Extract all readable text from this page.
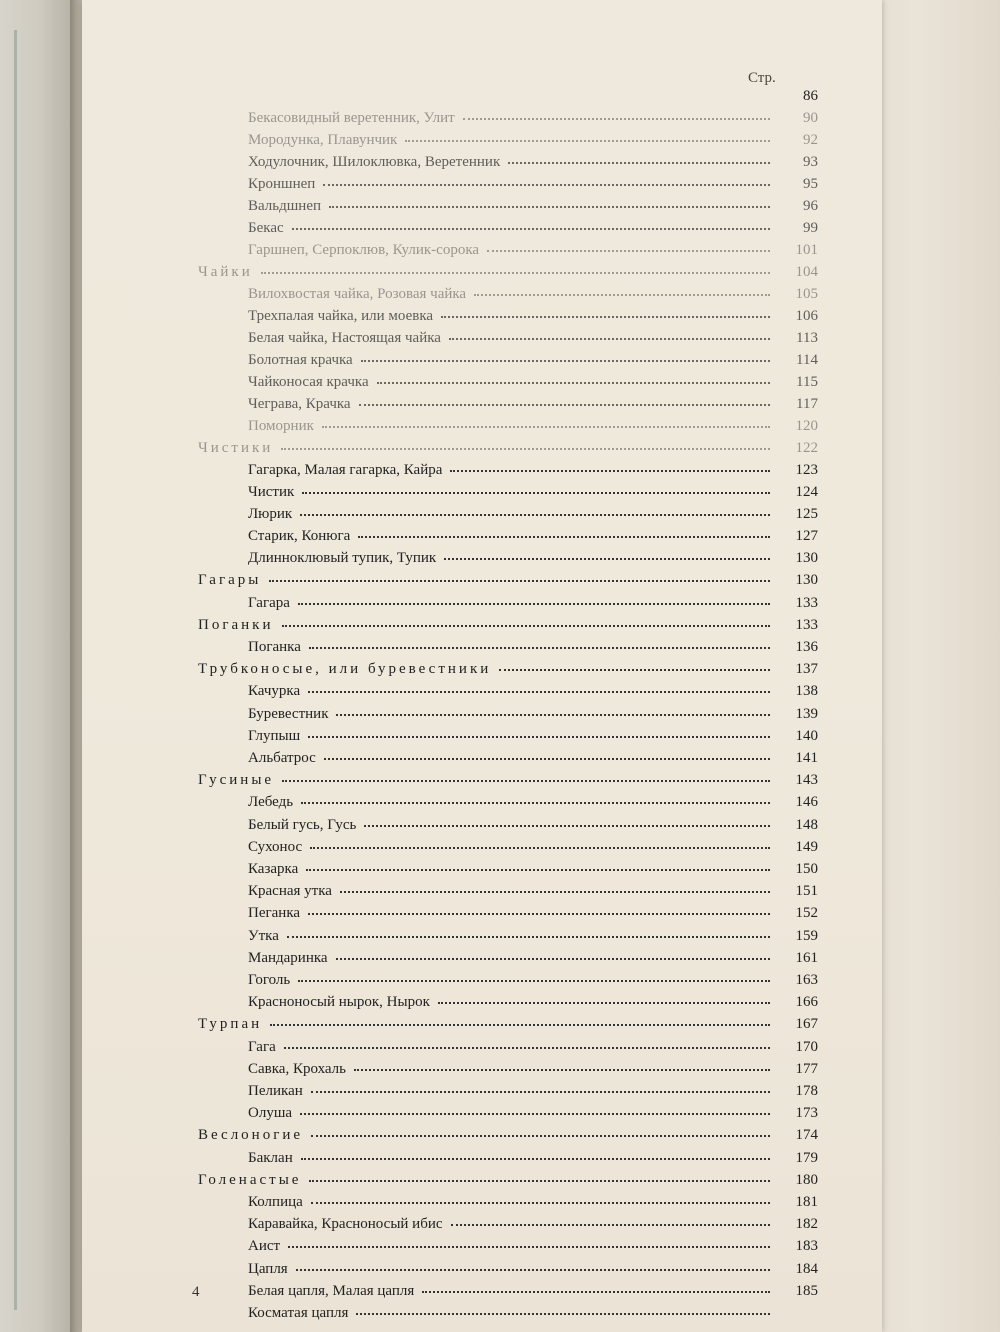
Стр.
86
Бекасовидный веретенник, Улит	90
Мородунка, Плавунчик	92
Ходулочник, Шилоклювка, Веретенник	93
Кроншнеп	95
Вальдшнеп	96
Бекас	99
Гаршнеп, Серпоклюв, Кулик-сорока	101
Чайки	104
Вилохвостая чайка, Розовая чайка	105
Трехпалая чайка, или моевка	106
Белая чайка, Настоящая чайка	113
Болотная крачка	114
Чайконосая крачка	115
Чеграва, Крачка	117
Поморник	120
Чистики	122
Гагарка, Малая гагарка, Кайра	123
Чистик	124
Люрик	125
Старик, Конюга	127
Длинноклювый тупик, Тупик	130
Гагары	130
Гагара	133
Поганки	133
Поганка	136
Трубконосые, или буревестники	137
Качурка	138
Буревестник	139
Глупыш	140
Альбатрос	141
Гусиные	143
Лебедь	146
Белый гусь, Гусь	148
Сухонос	149
Казарка	150
Красная утка	151
Пеганка	152
Утка	159
Мандаринка	161
Гоголь	163
Красноносый нырок, Нырок	166
Турпан	167
Гага	170
Савка, Крохаль	177
Пеликан	178
Олуша	173
Веслоногие	174
Баклан	179
Голенастые	180
Колпица	181
Каравайка, Красноносый ибис	182
Аист	183
Цапля	184
Белая цапля, Малая цапля	185
Косматая цапля
4
